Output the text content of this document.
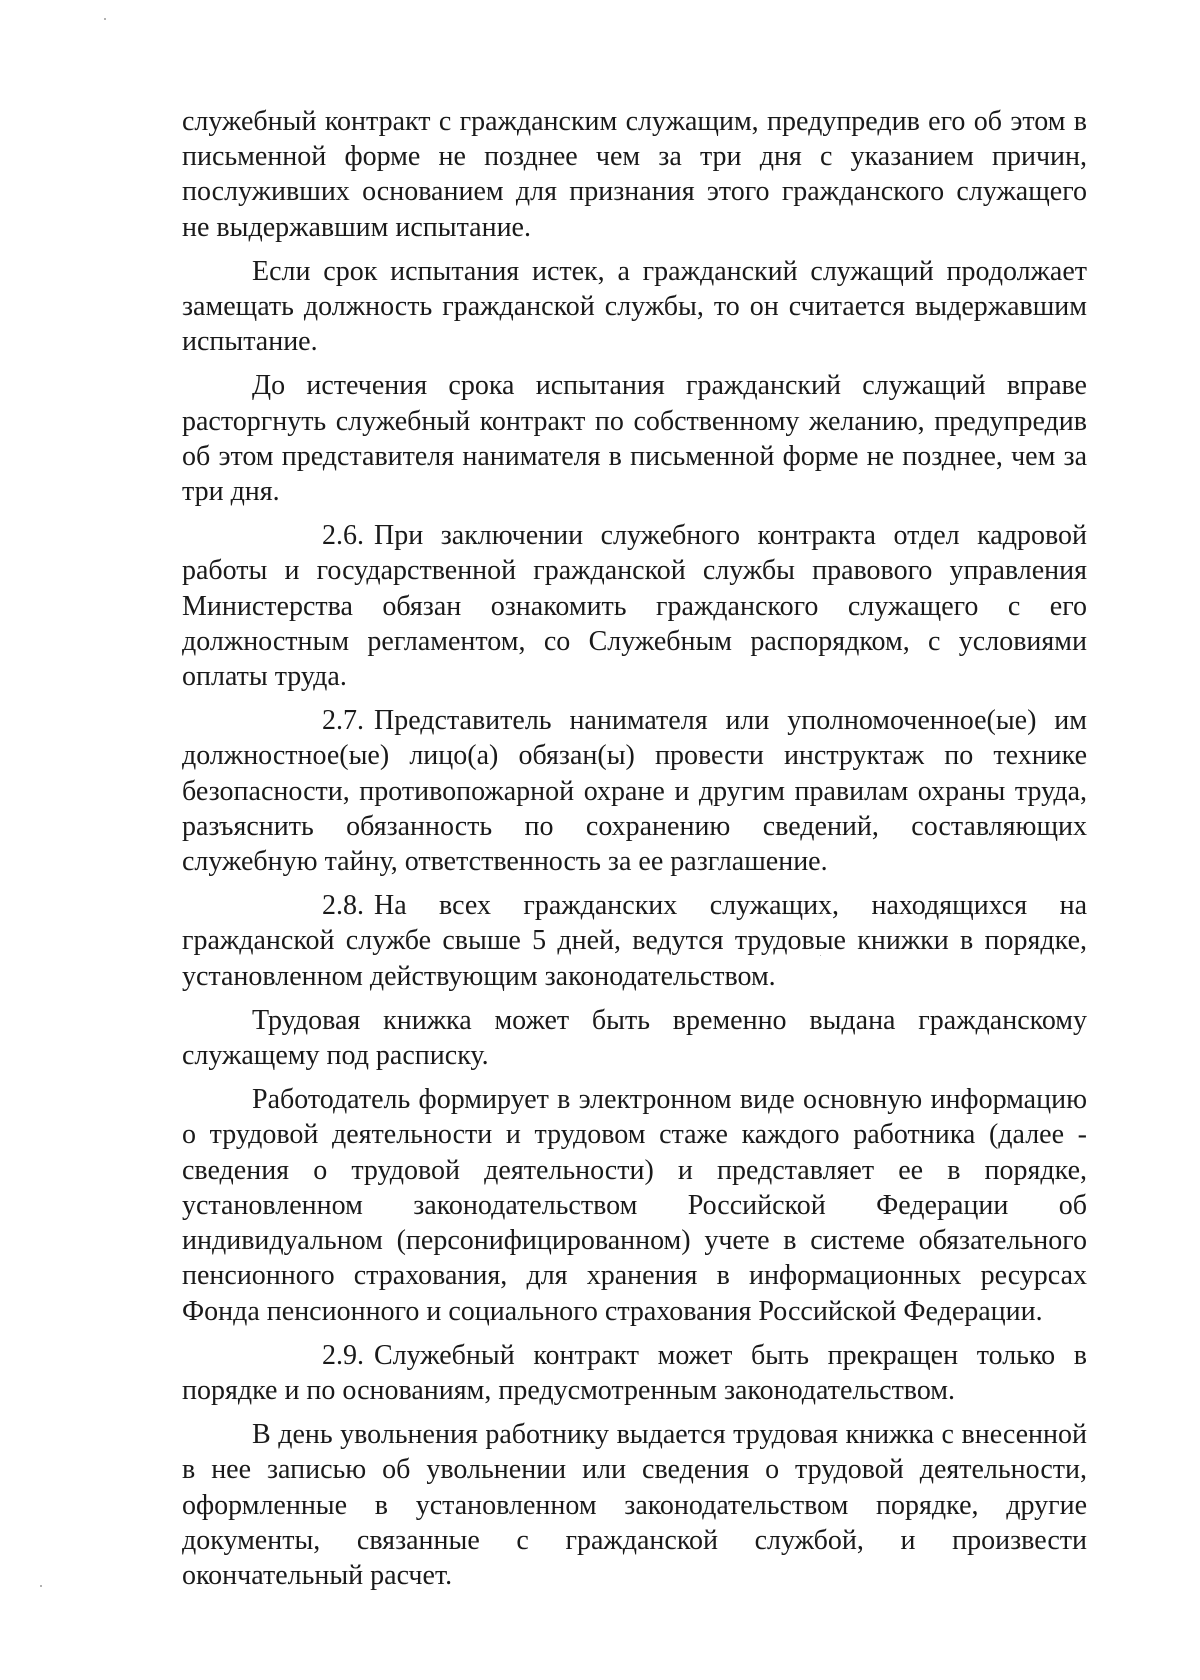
служебный контракт с гражданским служащим, предупредив его об этом в письменной форме не позднее чем за три дня с указанием причин, послуживших основанием для признания этого гражданского служащего не выдержавшим испытание.

Если срок испытания истек, а гражданский служащий продолжает замещать должность гражданской службы, то он считается выдержавшим испытание.

До истечения срока испытания гражданский служащий вправе расторгнуть служебный контракт по собственному желанию, предупредив об этом представителя нанимателя в письменной форме не позднее, чем за три дня.

2.6. При заключении служебного контракта отдел кадровой работы и государственной гражданской службы правового управления Министерства обязан ознакомить гражданского служащего с его должностным регламентом, со Служебным распорядком, с условиями оплаты труда.

2.7. Представитель нанимателя или уполномоченное(ые) им должностное(ые) лицо(а) обязан(ы) провести инструктаж по технике безопасности, противопожарной охране и другим правилам охраны труда, разъяснить обязанность по сохранению сведений, составляющих служебную тайну, ответственность за ее разглашение.

2.8. На всех гражданских служащих, находящихся на гражданской службе свыше 5 дней, ведутся трудовые книжки в порядке, установленном действующим законодательством.

Трудовая книжка может быть временно выдана гражданскому служащему под расписку.

Работодатель формирует в электронном виде основную информацию о трудовой деятельности и трудовом стаже каждого работника (далее - сведения о трудовой деятельности) и представляет ее в порядке, установленном законодательством Российской Федерации об индивидуальном (персонифицированном) учете в системе обязательного пенсионного страхования, для хранения в информационных ресурсах Фонда пенсионного и социального страхования Российской Федерации.

2.9. Служебный контракт может быть прекращен только в порядке и по основаниям, предусмотренным законодательством.

В день увольнения работнику выдается трудовая книжка с внесенной в нее записью об увольнении или сведения о трудовой деятельности, оформленные в установленном законодательством порядке, другие документы, связанные с гражданской службой, и произвести окончательный расчет.
